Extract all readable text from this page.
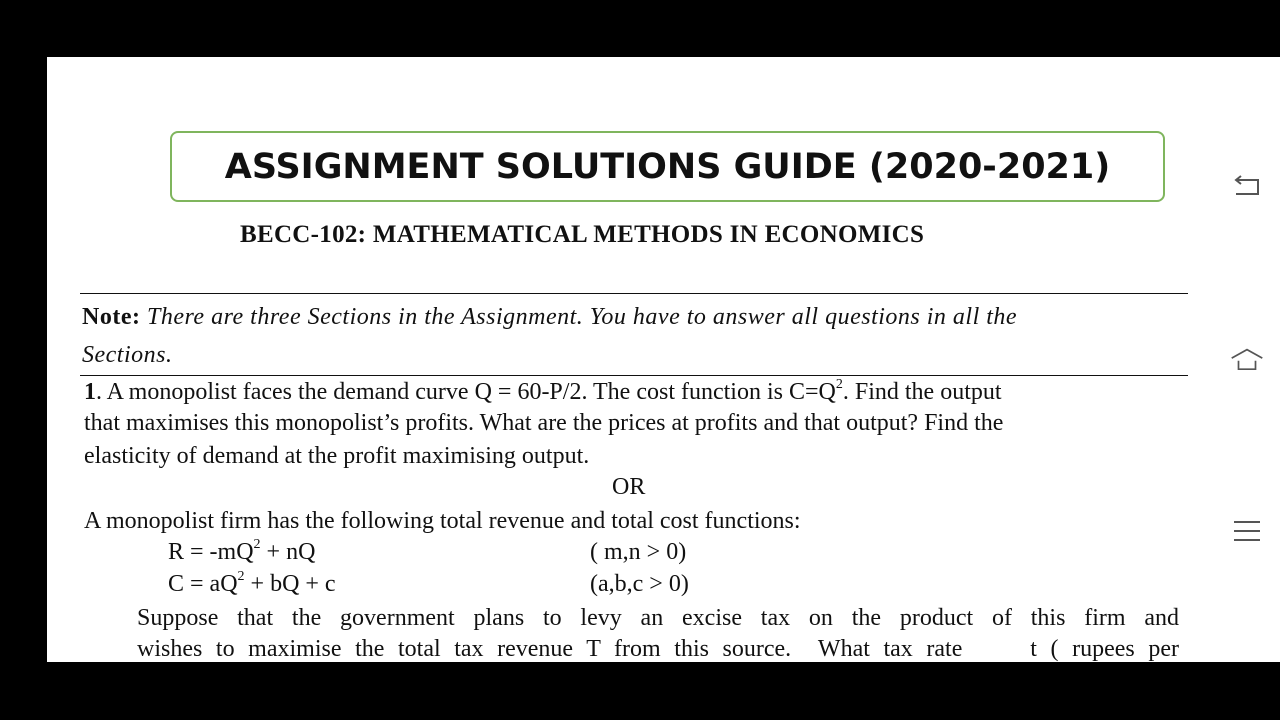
ASSIGNMENT SOLUTIONS GUIDE (2020-2021)
BECC-102: MATHEMATICAL METHODS IN ECONOMICS
Note: There are three Sections in the Assignment. You have to answer all questions in all the
Sections.
1. A monopolist faces the demand curve Q = 60-P/2. The cost function is $C=Q^2$. Find the output
that maximises this monopolist’s profits. What are the prices at profits and that output? Find the
elasticity of demand at the profit maximising output.
OR
A monopolist firm has the following total revenue and total cost functions:
$R = -mQ^2$ + nQ	( m,n > 0)
$C = aQ^2$ + bQ + c	(a,b,c > 0)
Suppose that the government plans to levy an excise tax on the product of this firm and
wishes to maximise the total tax revenue T from this source.  What tax rate     t ( rupees per
